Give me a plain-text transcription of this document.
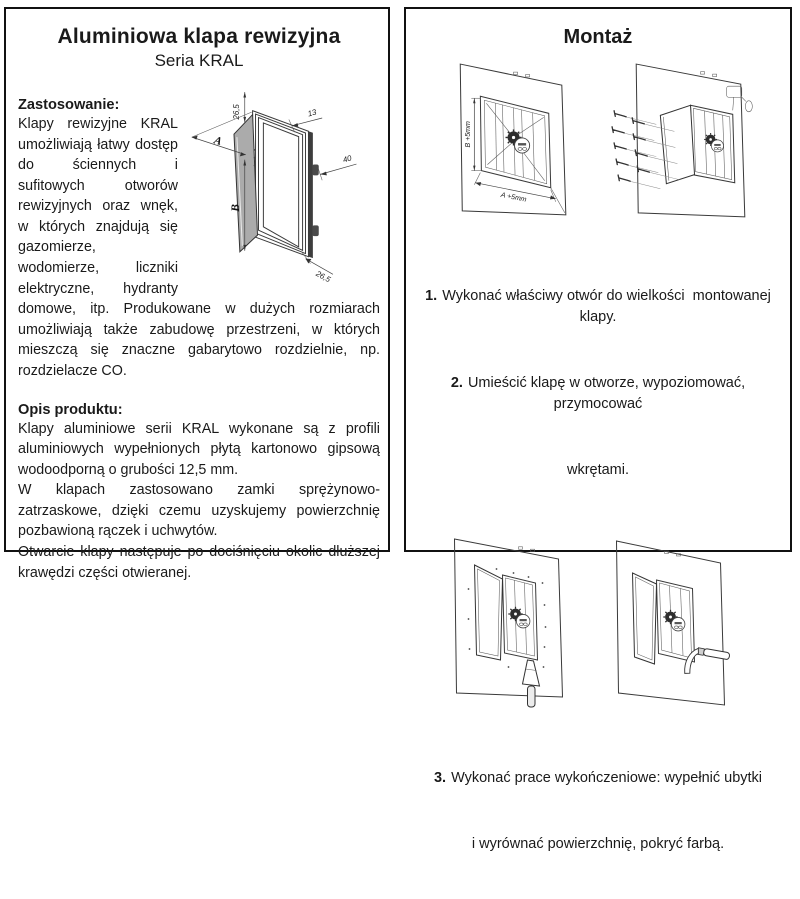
Aluminiowa klapa rewizyjna
Seria KRAL
26,5
A
B
13
40
26,5
Zastosowanie:

Klapy rewizyjne KRAL umożliwiają łatwy dostęp do ściennych i sufitowych otworów rewizyjnych oraz wnęk, w których znajdują się gazomierze, wodomierze, liczniki elektryczne, hydranty domowe, itp. Produkowane w dużych rozmiarach umożliwiają także zabudowę przestrzeni, w których mieszczą się znaczne gabarytowo rozdzielnie, np. rozdzielacze CO.

Opis produktu:

Klapy aluminiowe serii KRAL wykonane są z profili aluminiowych wypełnionych płytą kartonowo gipsową wodoodporną o grubości 12,5 mm.

W klapach zastosowano zamki sprężynowo-zatrzaskowe, dzięki czemu uzyskujemy powierzchnię pozbawioną rączek i uchwytów.

Otwarcie klapy następuje po dociśnięciu okolic dłuższej krawędzi części otwieranej.

Montaż
B +5mm
A +5mm

1. Wykonać właściwy otwór do wielkości  montowanej klapy.

2. Umieścić klapę w otworze, wypoziomować, przymocować

wkrętami.

3. Wykonać prace wykończeniowe: wypełnić ubytki

i wyrównać powierzchnię, pokryć farbą.
